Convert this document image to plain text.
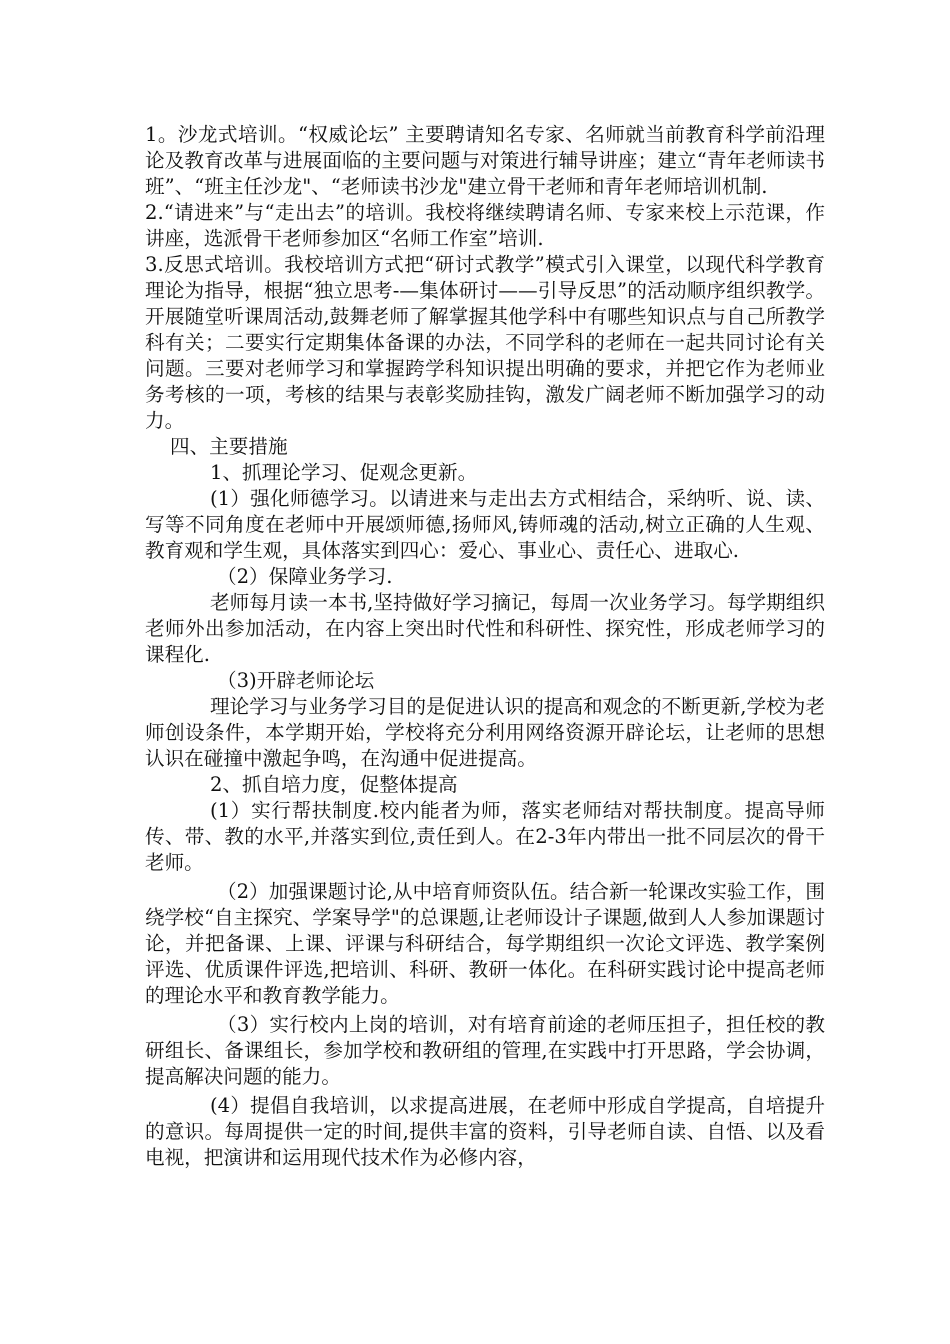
1。沙龙式培训。“权威论坛” 主要聘请知名专家、名师就当前教育科学前沿理论及教育改革与进展面临的主要问题与对策进行辅导讲座；建立“青年老师读书班”、“班主任沙龙"、“老师读书沙龙"建立骨干老师和青年老师培训机制.

2.“请进来”与“走出去”的培训。我校将继续聘请名师、专家来校上示范课，作讲座，选派骨干老师参加区“名师工作室”培训.

3.反思式培训。我校培训方式把“研讨式教学”模式引入课堂，以现代科学教育理论为指导，根据“独立思考-—集体研讨——引导反思”的活动顺序组织教学。开展随堂听课周活动,鼓舞老师了解掌握其他学科中有哪些知识点与自己所教学科有关；二要实行定期集体备课的办法，不同学科的老师在一起共同讨论有关问题。三要对老师学习和掌握跨学科知识提出明确的要求，并把它作为老师业务考核的一项，考核的结果与表彰奖励挂钩，激发广阔老师不断加强学习的动力。

四、主要措施

1、抓理论学习、促观念更新。

(1）强化师德学习。以请进来与走出去方式相结合，采纳听、说、读、写等不同角度在老师中开展颂师德,扬师风,铸师魂的活动,树立正确的人生观、教育观和学生观，具体落实到四心：爱心、事业心、责任心、进取心.

（2）保障业务学习.

老师每月读一本书,坚持做好学习摘记，每周一次业务学习。每学期组织老师外出参加活动，在内容上突出时代性和科研性、探究性，形成老师学习的课程化.

（3)开辟老师论坛

理论学习与业务学习目的是促进认识的提高和观念的不断更新,学校为老师创设条件，本学期开始，学校将充分利用网络资源开辟论坛，让老师的思想认识在碰撞中激起争鸣，在沟通中促进提高。

2、抓自培力度，促整体提高

(1）实行帮扶制度.校内能者为师，落实老师结对帮扶制度。提高导师传、带、教的水平,并落实到位,责任到人。在2-3年内带出一批不同层次的骨干老师。

（2）加强课题讨论,从中培育师资队伍。结合新一轮课改实验工作，围绕学校“自主探究、学案导学"的总课题,让老师设计子课题,做到人人参加课题讨论，并把备课、上课、评课与科研结合，每学期组织一次论文评选、教学案例评选、优质课件评选,把培训、科研、教研一体化。在科研实践讨论中提高老师的理论水平和教育教学能力。

（3）实行校内上岗的培训，对有培育前途的老师压担子，担任校的教研组长、备课组长，参加学校和教研组的管理,在实践中打开思路，学会协调，提高解决问题的能力。

(4）提倡自我培训，以求提高进展，在老师中形成自学提高，自培提升的意识。每周提供一定的时间,提供丰富的资料，引导老师自读、自悟、以及看电视，把演讲和运用现代技术作为必修内容，
